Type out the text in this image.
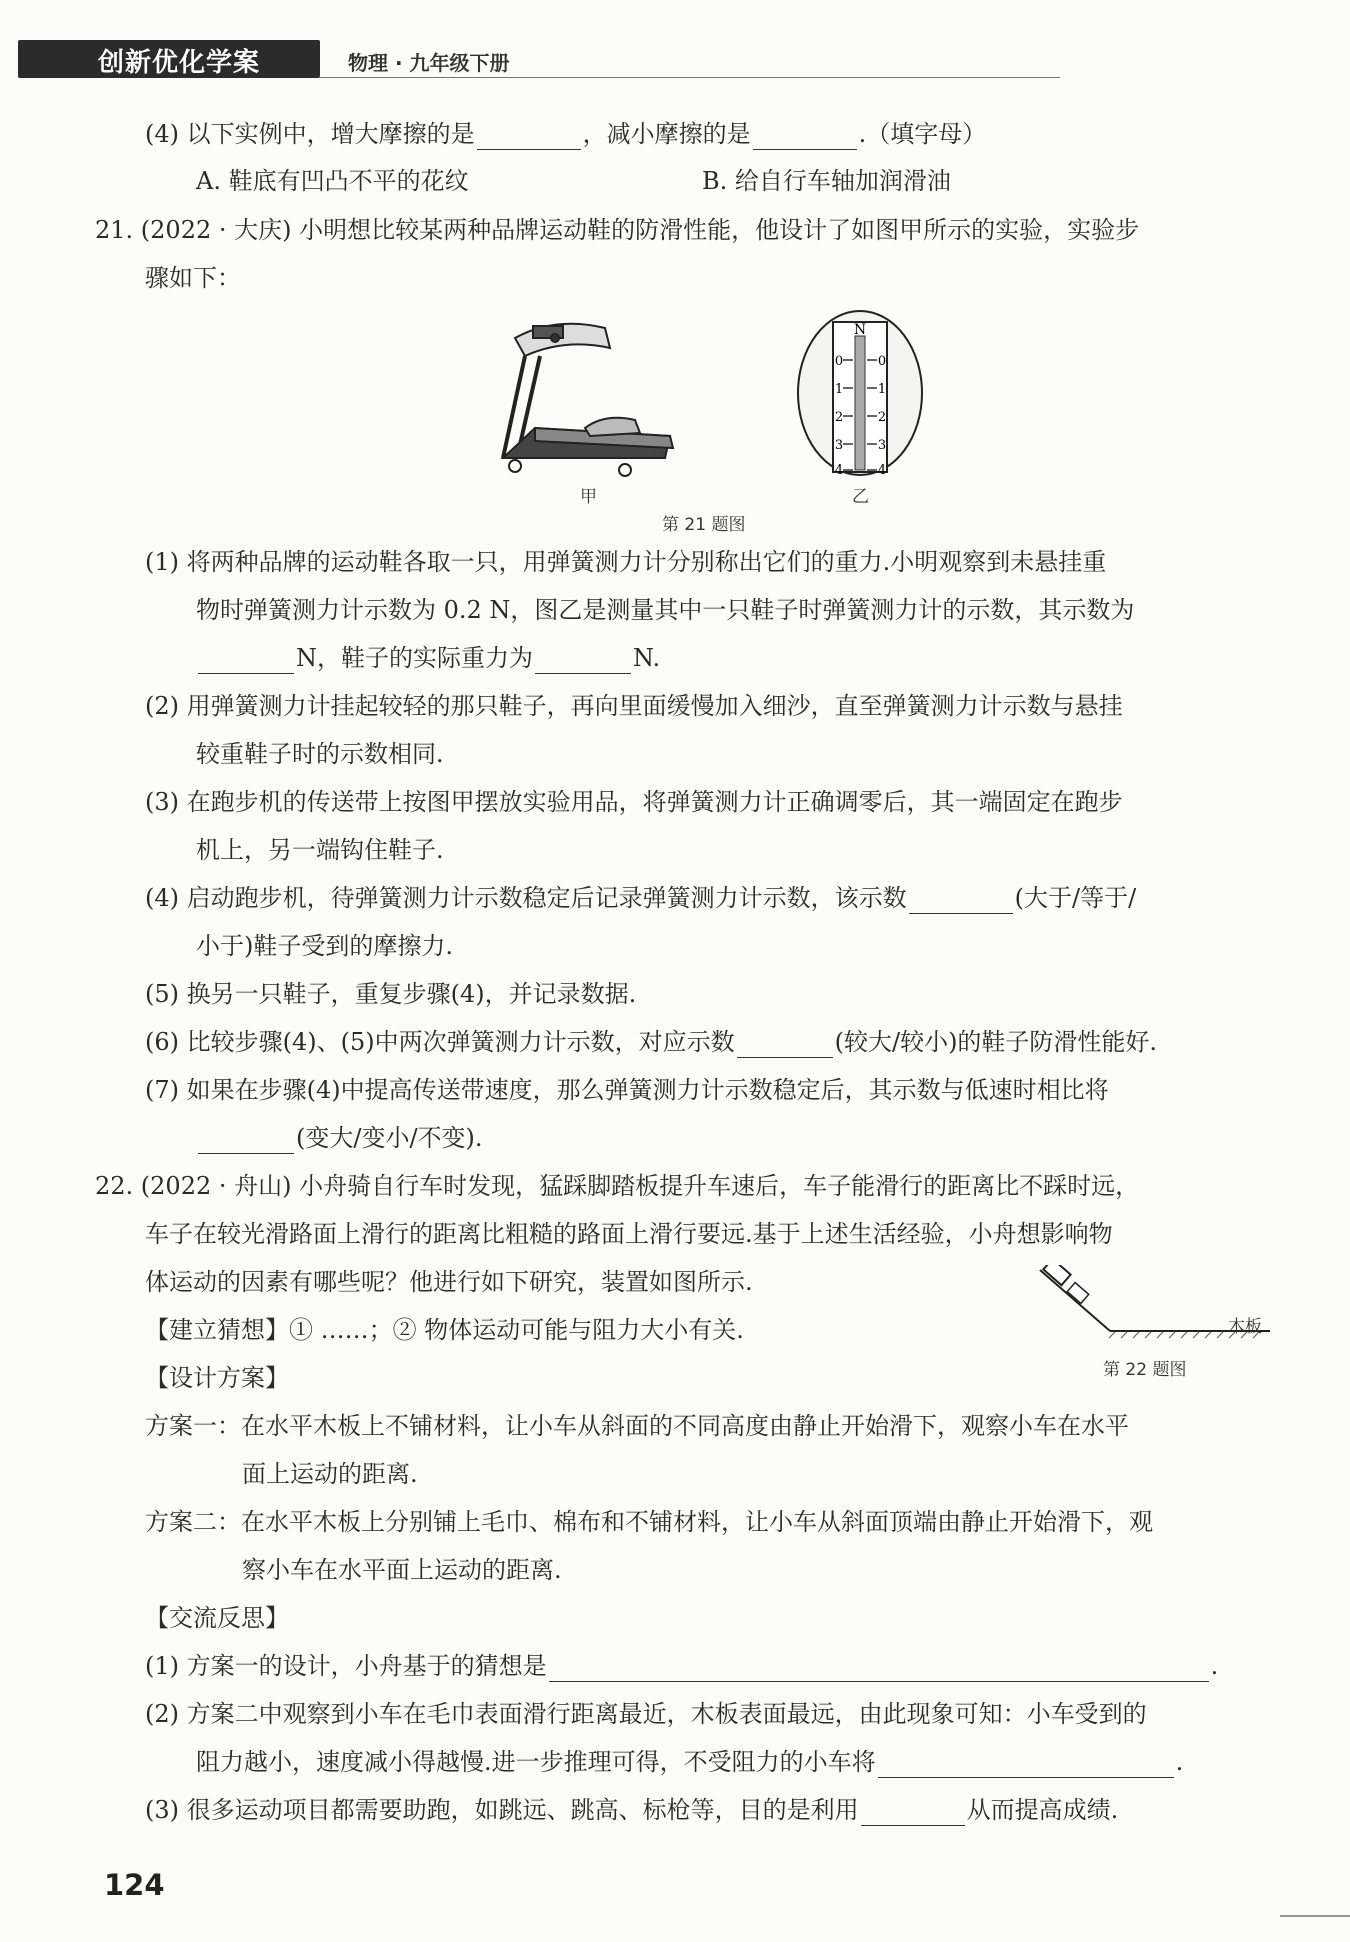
创新优化学案	物理 · 九年级下册
(4) 以下实例中，增大摩擦的是	，减小摩擦的是	.（填字母）
A. 鞋底有凹凸不平的花纹	B. 给自行车轴加润滑油
21. (2022 · 大庆) 小明想比较某两种品牌运动鞋的防滑性能，他设计了如图甲所示的实验，实验步
骤如下：
甲
N
0
1
2
3
4
0
1
2
3
4
乙
第 21 题图
(1) 将两种品牌的运动鞋各取一只，用弹簧测力计分别称出它们的重力.小明观察到未悬挂重
物时弹簧测力计示数为 0.2 N，图乙是测量其中一只鞋子时弹簧测力计的示数，其示数为
N，鞋子的实际重力为	N.
(2) 用弹簧测力计挂起较轻的那只鞋子，再向里面缓慢加入细沙，直至弹簧测力计示数与悬挂
较重鞋子时的示数相同.
(3) 在跑步机的传送带上按图甲摆放实验用品，将弹簧测力计正确调零后，其一端固定在跑步
机上，另一端钩住鞋子.
(4) 启动跑步机，待弹簧测力计示数稳定后记录弹簧测力计示数，该示数	(大于/等于/
小于)鞋子受到的摩擦力.
(5) 换另一只鞋子，重复步骤(4)，并记录数据.
(6) 比较步骤(4)、(5)中两次弹簧测力计示数，对应示数	(较大/较小)的鞋子防滑性能好.
(7) 如果在步骤(4)中提高传送带速度，那么弹簧测力计示数稳定后，其示数与低速时相比将
(变大/变小/不变).
22. (2022 · 舟山) 小舟骑自行车时发现，猛踩脚踏板提升车速后，车子能滑行的距离比不踩时远，
车子在较光滑路面上滑行的距离比粗糙的路面上滑行要远.基于上述生活经验，小舟想影响物
体运动的因素有哪些呢？他进行如下研究，装置如图所示.
【建立猜想】① ……；② 物体运动可能与阻力大小有关.	木板
第 22 题图
【设计方案】
方案一：在水平木板上不铺材料，让小车从斜面的不同高度由静止开始滑下，观察小车在水平
面上运动的距离.
方案二：在水平木板上分别铺上毛巾、棉布和不铺材料，让小车从斜面顶端由静止开始滑下，观
察小车在水平面上运动的距离.
【交流反思】
(1) 方案一的设计，小舟基于的猜想是	.
(2) 方案二中观察到小车在毛巾表面滑行距离最近，木板表面最远，由此现象可知：小车受到的
阻力越小，速度减小得越慢.进一步推理可得，不受阻力的小车将	.
(3) 很多运动项目都需要助跑，如跳远、跳高、标枪等，目的是利用	从而提高成绩.
124
